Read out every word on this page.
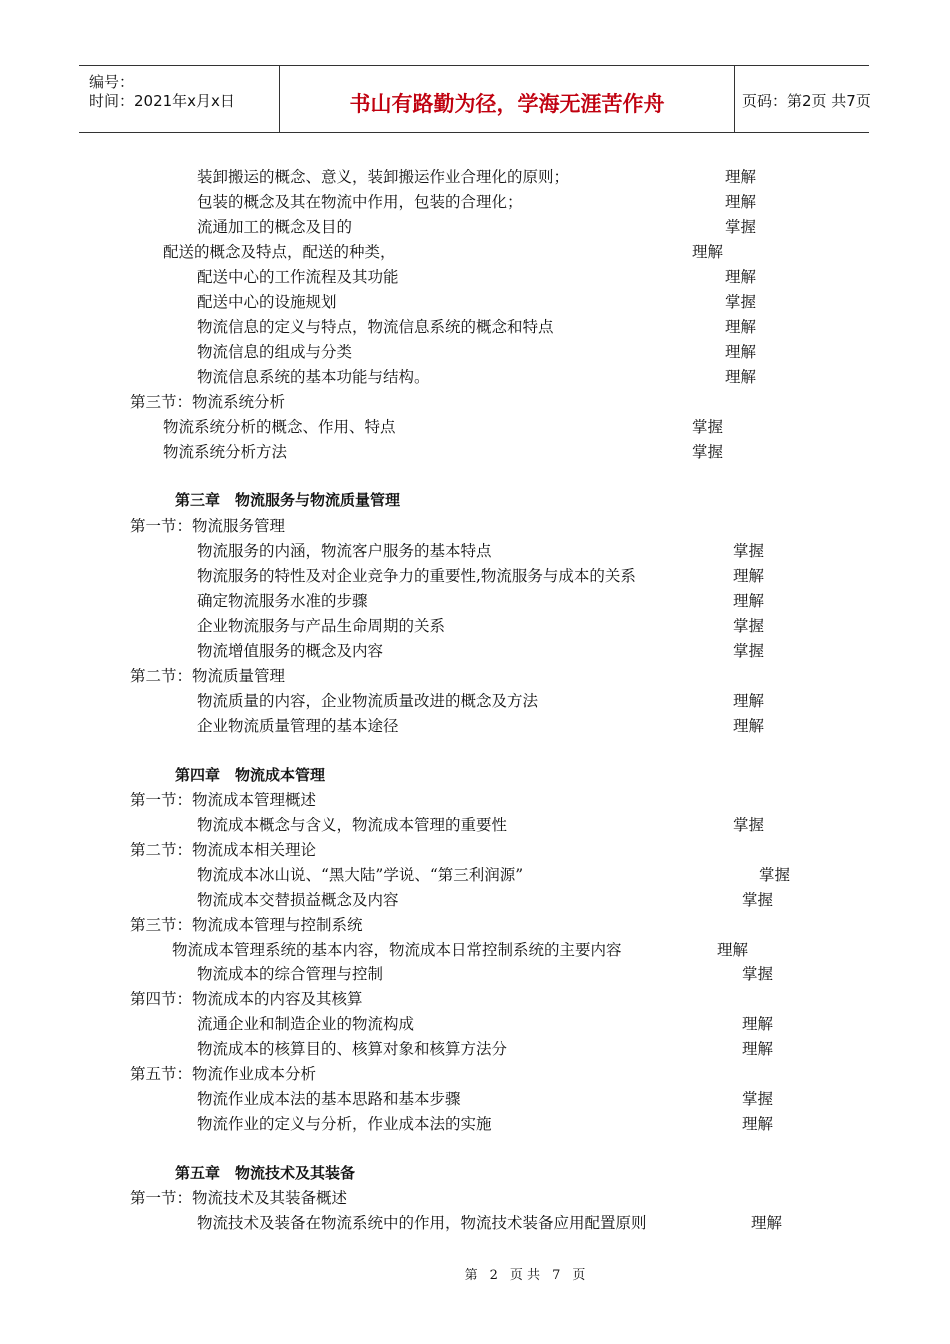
编号：
时间：2021年x月x日	书山有路勤为径，学海无涯苦作舟	页码：第2页 共7页
装卸搬运的概念、意义，装卸搬运作业合理化的原则；	理解
包装的概念及其在物流中作用，包装的合理化；	理解
流通加工的概念及目的	掌握
配送的概念及特点，配送的种类，	理解
配送中心的工作流程及其功能	理解
配送中心的设施规划	掌握
物流信息的定义与特点，物流信息系统的概念和特点	理解
物流信息的组成与分类	理解
物流信息系统的基本功能与结构。	理解
第三节：物流系统分析
物流系统分析的概念、作用、特点	掌握
物流系统分析方法	掌握
第三章　物流服务与物流质量管理
第一节：物流服务管理
物流服务的内涵，物流客户服务的基本特点	掌握
物流服务的特性及对企业竞争力的重要性,物流服务与成本的关系	理解
确定物流服务水准的步骤	理解
企业物流服务与产品生命周期的关系	掌握
物流增值服务的概念及内容	掌握
第二节：物流质量管理
物流质量的内容，企业物流质量改进的概念及方法	理解
企业物流质量管理的基本途径	理解
第四章　物流成本管理
第一节：物流成本管理概述
物流成本概念与含义，物流成本管理的重要性	掌握
第二节：物流成本相关理论
物流成本冰山说、“黑大陆”学说、“第三利润源”	掌握
物流成本交替损益概念及内容	掌握
第三节：物流成本管理与控制系统
物流成本管理系统的基本内容，物流成本日常控制系统的主要内容	理解
物流成本的综合管理与控制	掌握
第四节：物流成本的内容及其核算
流通企业和制造企业的物流构成	理解
物流成本的核算目的、核算对象和核算方法分	理解
第五节：物流作业成本分析
物流作业成本法的基本思路和基本步骤	掌握
物流作业的定义与分析，作业成本法的实施	理解
第五章　物流技术及其装备
第一节：物流技术及其装备概述
物流技术及装备在物流系统中的作用，物流技术装备应用配置原则	理解
第 2 页 共 7 页
